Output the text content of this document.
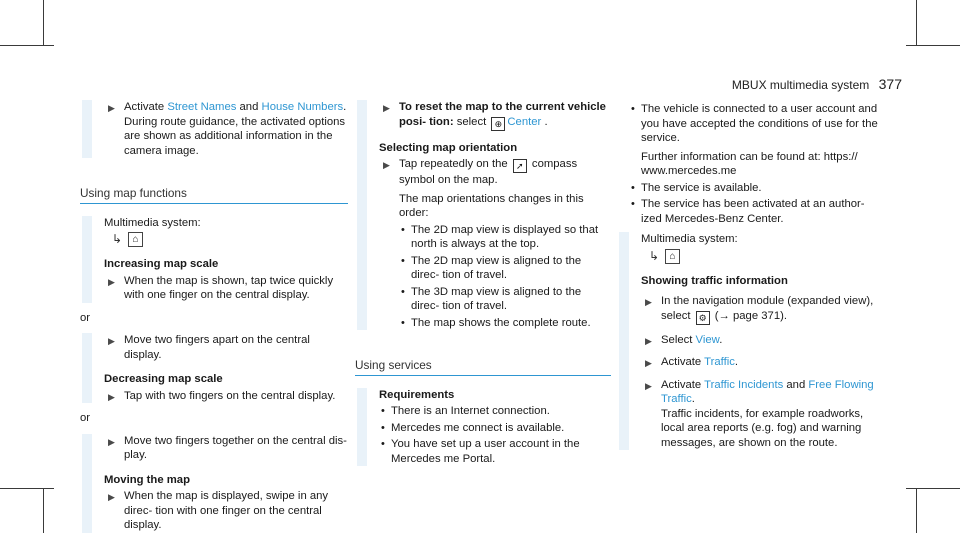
MBUX multimedia system 377
▶ Activate Street Names and House Numbers.
During route guidance, the activated options are shown as additional information in the camera image.
Using map functions
Multimedia system:
↳	⌂
Increasing map scale
▶ When the map is shown, tap twice quickly with one finger on the central display.
or
▶ Move two fingers apart on the central display.
Decreasing map scale
▶ Tap with two fingers on the central display.
or
▶ Move two fingers together on the central dis- play.
Moving the map
▶ When the map is displayed, swipe in any direc- tion with one finger on the central display.
▶ To reset the map to the current vehicle posi- tion: select ⊕ Center .
Selecting map orientation
▶ Tap repeatedly on the ➚ compass symbol on the map.
The map orientations changes in this order:
• The 2D map view is displayed so that north is always at the top.
• The 2D map view is aligned to the direc- tion of travel.
• The 3D map view is aligned to the direc- tion of travel.
• The map shows the complete route.
Using services
Requirements
• There is an Internet connection.
• Mercedes me connect is available.
• You have set up a user account in the Mercedes me Portal.
• The vehicle is connected to a user account and you have accepted the conditions of use for the service.
Further information can be found at: https:// www.mercedes.me
• The service is available.
• The service has been activated at an author- ized Mercedes-Benz Center.
Multimedia system:
↳	⌂
Showing traffic information
▶ In the navigation module (expanded view), select ⚙ (→ page 371).
▶ Select View.
▶ Activate Traffic.
▶ Activate Traffic Incidents and Free Flowing Traffic.
Traffic incidents, for example roadworks, local area reports (e.g. fog) and warning messages, are shown on the route.
